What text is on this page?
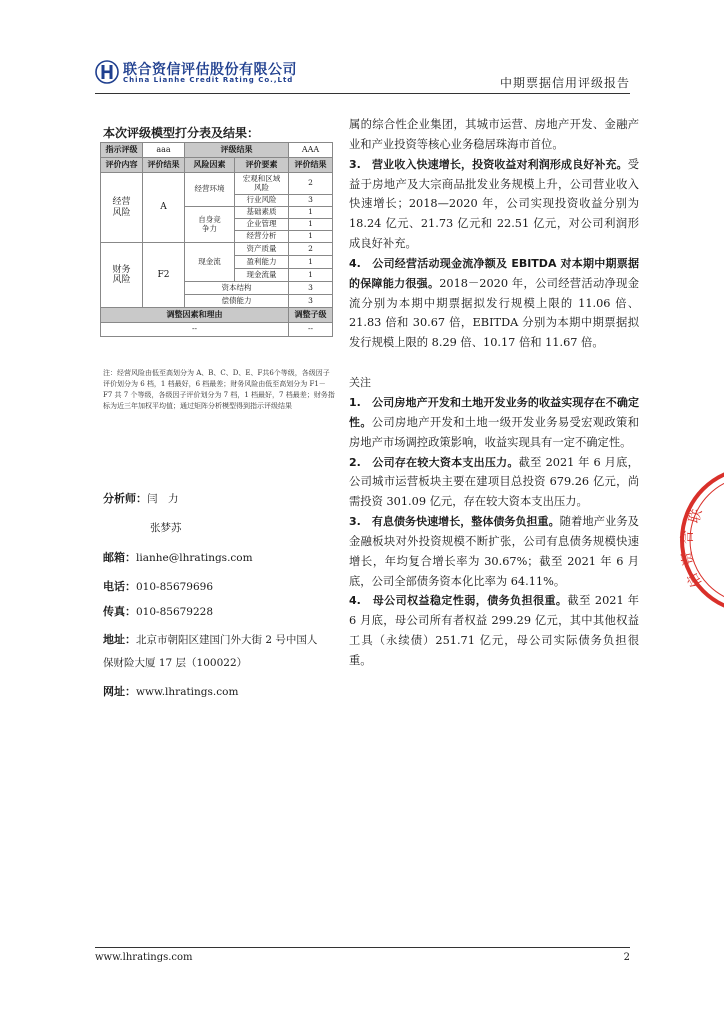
联合资信评估股份有限公司
China Lianhe Credit Rating Co.,Ltd	中期票据信用评级报告
本次评级模型打分表及结果：
指示评级	aaa	评级结果		AAA
评价内容	评价结果	风险因素	评价要素	评价结果
经营风险	A	经营环境	宏观和区域风险	2
			行业风险	3
		自身竞争力	基础素质	1
			企业管理	1
			经营分析	1
财务风险	F2	现金流	资产质量	2
			盈利能力	1
			现金流量	1
		资本结构		3
		偿债能力		3
调整因素和理由				调整子级
--				--
注：经营风险由低至高划分为 A、B、C、D、E、F共6个等级，各级因子评价划分为 6 档，1 档最好，6 档最差；财务风险由低至高划分为 F1－F7 共 7 个等级，各级因子评价划分为 7 档，1 档最好，7 档最差；财务指标为近三年加权平均值；通过矩阵分析模型得到指示评级结果
分析师：闫　力
张梦苏
邮箱：lianhe@lhratings.com
电话：010-85679696
传真：010-85679228
地址：北京市朝阳区建国门外大街 2 号中国人
保财险大厦 17 层（100022）
网址：www.lhratings.com
联
合
资
信

属的综合性企业集团，其城市运营、房地产开发、金融产业和产业投资等核心业务稳居珠海市首位。

3.　营业收入快速增长，投资收益对利润形成良好补充。受益于房地产及大宗商品批发业务规模上升，公司营业收入快速增长；2018—2020 年，公司实现投资收益分别为 18.24 亿元、21.73 亿元和 22.51 亿元，对公司利润形成良好补充。

4.　公司经营活动现金流净额及 EBITDA 对本期中期票据的保障能力很强。2018－2020 年，公司经营活动净现金流分别为本期中期票据拟发行规模上限的 11.06 倍、21.83 倍和 30.67 倍，EBITDA 分别为本期中期票据拟发行规模上限的 8.29 倍、10.17 倍和 11.67 倍。

关注

1.　公司房地产开发和土地开发业务的收益实现存在不确定性。公司房地产开发和土地一级开发业务易受宏观政策和房地产市场调控政策影响，收益实现具有一定不确定性。

2.　公司存在较大资本支出压力。截至 2021 年 6 月底，公司城市运营板块主要在建项目总投资 679.26 亿元，尚需投资 301.09 亿元，存在较大资本支出压力。

3.　有息债务快速增长，整体债务负担重。随着地产业务及金融板块对外投资规模不断扩张，公司有息债务规模快速增长，年均复合增长率为 30.67%；截至 2021 年 6 月底，公司全部债务资本化比率为 64.11%。

4.　母公司权益稳定性弱，债务负担很重。截至 2021 年 6 月底，母公司所有者权益 299.29 亿元，其中其他权益工具（永续债）251.71 亿元，母公司实际债务负担很重。

www.lhratings.com	2
